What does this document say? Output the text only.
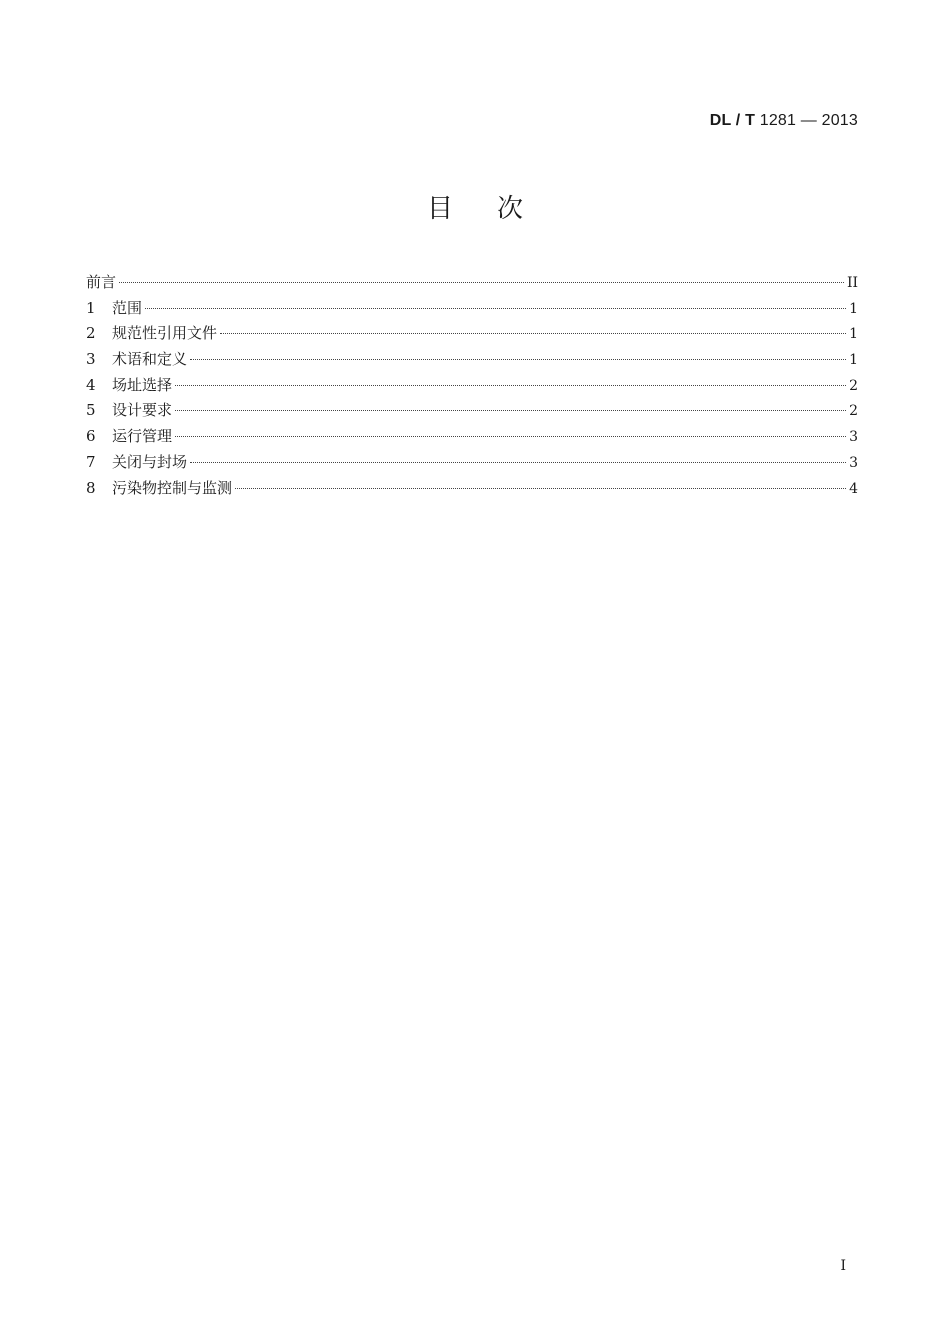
DL / T 1281 — 2013
目次
前言	II
1	范围	1
2	规范性引用文件	1
3	术语和定义	1
4	场址选择	2
5	设计要求	2
6	运行管理	3
7	关闭与封场	3
8	污染物控制与监测	4
I
